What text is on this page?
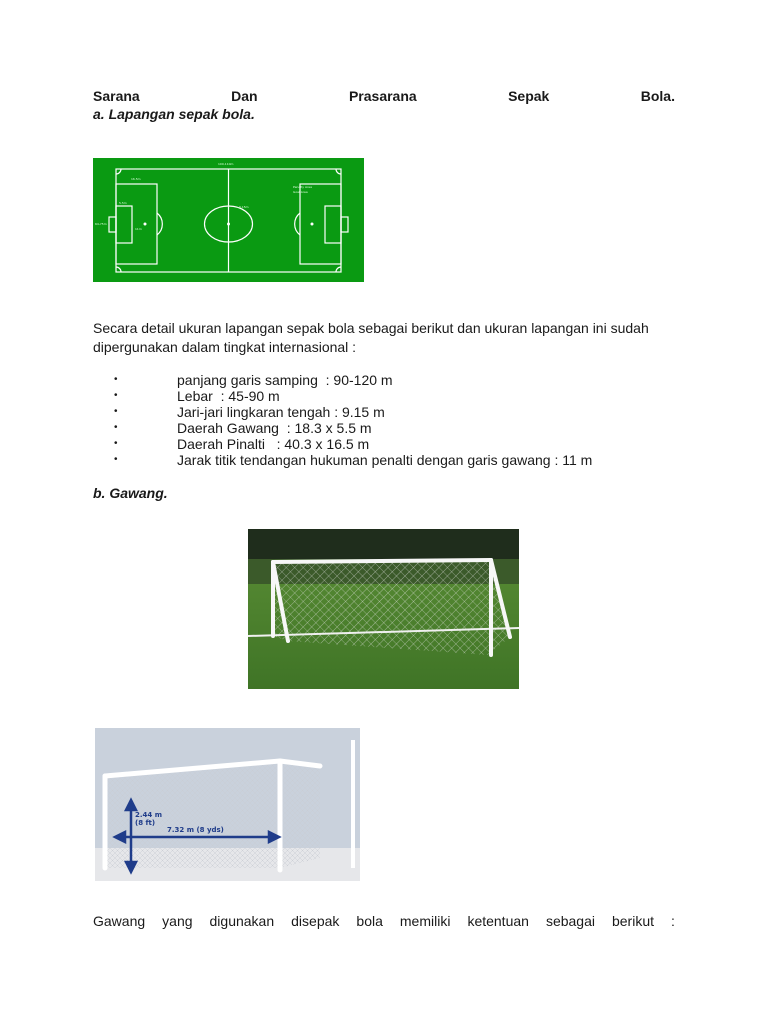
Sarana	Dan	Prasarana	Sepak	Bola.
a. Lapangan sepak bola.
100-110m
64-75m
16.5m
5.5m
11m
9.15m
Penalty Area
Goal Area
Secara detail ukuran lapangan sepak bola sebagai berikut dan ukuran lapangan ini sudah
dipergunakan dalam tingkat internasional :
•	panjang garis samping  : 90-120 m
•	Lebar  : 45-90 m
•	Jari-jari lingkaran tengah : 9.15 m
•	Daerah Gawang  : 18.3 x 5.5 m
•	Daerah Pinalti   : 40.3 x 16.5 m
•	Jarak titik tendangan hukuman penalti dengan garis gawang : 11 m
b. Gawang.
2.44 m
(8 ft)
7.32 m (8 yds)
Gawang yang digunakan disepak bola memiliki ketentuan sebagai berikut :
